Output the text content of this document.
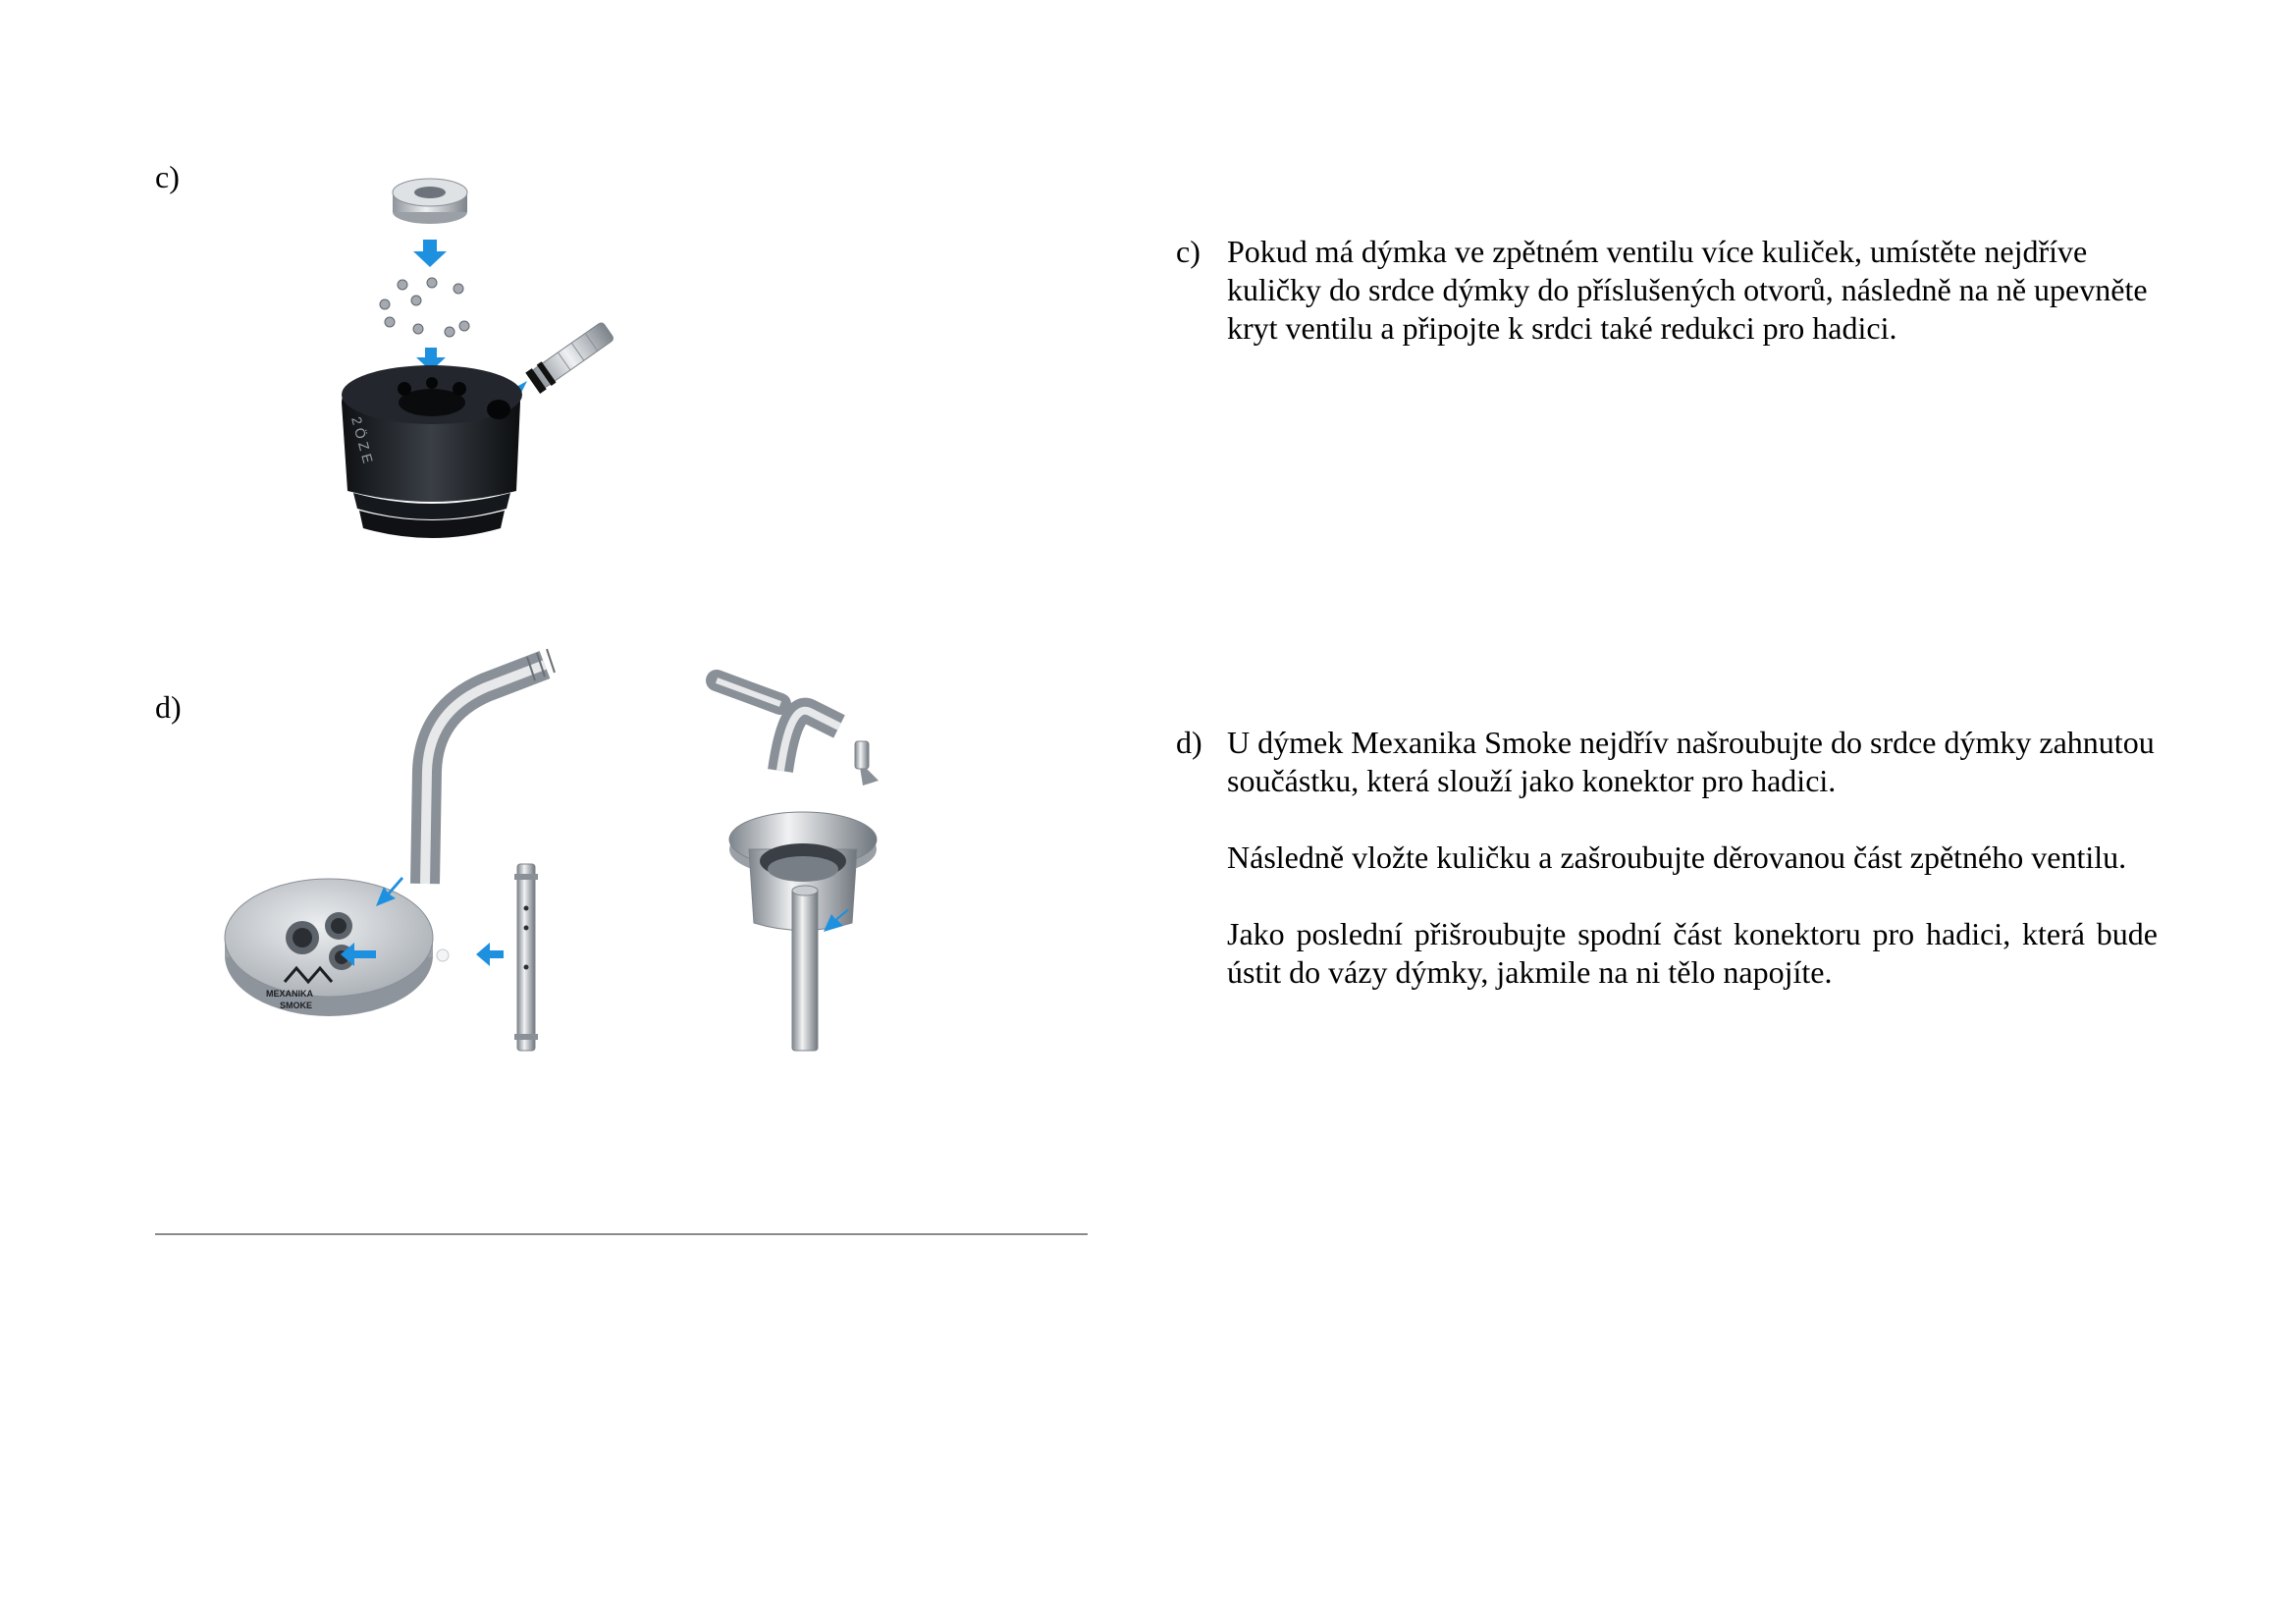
c)
2 Ö Z E
d)
MEXANIKA
SMOKE
c) Pokud má dýmka ve zpětném ventilu více kuliček, umístěte nejdříve kuličky do srdce dýmky do příslušených otvorů, následně na ně upevněte kryt ventilu a připojte k srdci také redukci pro hadici.

d) U dýmek Mexanika Smoke nejdřív našroubujte do srdce dýmky zahnutou součástku, která slouží jako konektor pro hadici.

Následně vložte kuličku a zašroubujte děrovanou část zpětného ventilu.

Jako poslední přišroubujte spodní část konektoru pro hadici, která bude ústit do vázy dýmky, jakmile na ni tělo napojíte.
